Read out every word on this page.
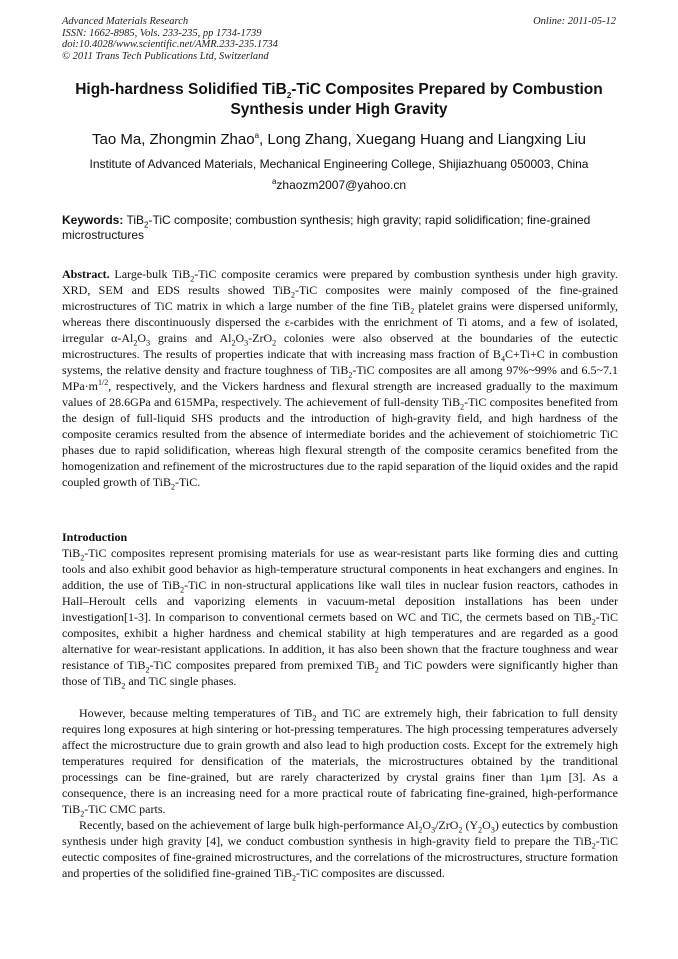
Advanced Materials Research
ISSN: 1662-8985, Vols. 233-235, pp 1734-1739
doi:10.4028/www.scientific.net/AMR.233-235.1734
© 2011 Trans Tech Publications Ltd, Switzerland
Online: 2011-05-12
High-hardness Solidified TiB$_2$-TiC Composites Prepared by Combustion
Synthesis under High Gravity
Tao Ma, Zhongmin Zhao$^a$, Long Zhang, Xuegang Huang and Liangxing Liu
Institute of Advanced Materials, Mechanical Engineering College, Shijiazhuang 050003, China
$^a$zhaozm2007@yahoo.cn
Keywords: TiB$_2$-TiC composite; combustion synthesis; high gravity; rapid solidification; fine-grained microstructures
Abstract. Large-bulk TiB$_2$-TiC composite ceramics were prepared by combustion synthesis under high gravity. XRD, SEM and EDS results showed TiB$_2$-TiC composites were mainly composed of the fine-grained microstructures of TiC matrix in which a large number of the fine TiB$_2$ platelet grains were dispersed uniformly, whereas there discontinuously dispersed the ε-carbides with the enrichment of Ti atoms, and a few of isolated, irregular $\alpha-Al_2O_3$ grains and $Al_2O_3-ZrO_2$ colonies were also observed at the boundaries of the eutectic microstructures. The results of properties indicate that with increasing mass fraction of $B_4C+Ti+C$ in combustion systems, the relative density and fracture toughness of TiB$_2$-TiC composites are all among 97%~99% and 6.5~7.1 $MPa\cdot m^{1/2}$, respectively, and the Vickers hardness and flexural strength are increased gradually to the maximum values of 28.6GPa and 615MPa, respectively. The achievement of full-density TiB$_2$-TiC composites benefited from the design of full-liquid SHS products and the introduction of high-gravity field, and high hardness of the composite ceramics resulted from the absence of intermediate borides and the achievement of stoichiometric TiC phases due to rapid solidification, whereas high flexural strength of the composite ceramics benefited from the homogenization and refinement of the microstructures due to the rapid separation of the liquid oxides and the rapid coupled growth of TiB$_2$-TiC.
Introduction
TiB$_2$-TiC composites represent promising materials for use as wear-resistant parts like forming dies and cutting tools and also exhibit good behavior as high-temperature structural components in heat exchangers and engines. In addition, the use of TiB$_2$-TiC in non-structural applications like wall tiles in nuclear fusion reactors, cathodes in Hall–Heroult cells and vaporizing elements in vacuum-metal deposition installations has been under investigation[1-3]. In comparison to conventional cermets based on WC and TiC, the cermets based on TiB$_2$-TiC composites, exhibit a higher hardness and chemical stability at high temperatures and are regarded as a good alternative for wear-resistant applications. In addition, it has also been shown that the fracture toughness and wear resistance of TiB$_2$-TiC composites prepared from premixed TiB$_2$ and TiC powders were significantly higher than those of TiB$_2$ and TiC single phases.
However, because melting temperatures of TiB$_2$ and TiC are extremely high, their fabrication to full density requires long exposures at high sintering or hot-pressing temperatures. The high processing temperatures adversely affect the microstructure due to grain growth and also lead to high production costs. Except for the extremely high temperatures required for densification of the materials, the microstructures obtained by the tranditional processings can be fine-grained, but are rarely characterized by crystal grains finer than 1μm [3]. As a consequence, there is an increasing need for a more practical route of fabricating fine-grained, high-performance TiB$_2$-TiC CMC parts.
Recently, based on the achievement of large bulk high-performance $Al_2O_3/ZrO_2$ $(Y_2O_3)$ eutectics by combustion synthesis under high gravity [4], we conduct combustion synthesis in high-gravity field to prepare the TiB$_2$-TiC eutectic composites of fine-grained microstructures, and the correlations of the microstructures, structure formation and properties of the solidified fine-grained TiB$_2$-TiC composites are discussed.
